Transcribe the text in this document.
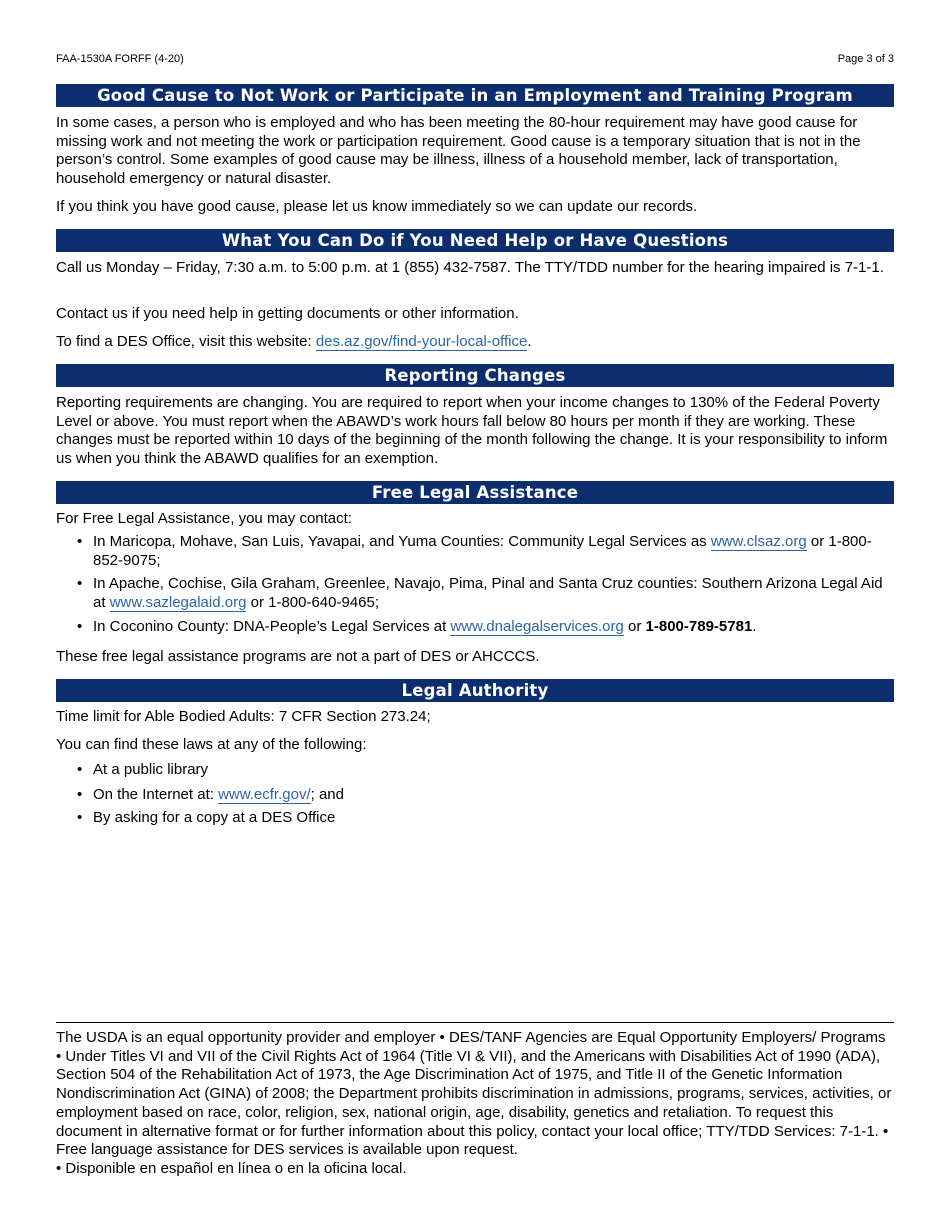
FAA-1530A FORFF (4-20)	Page 3 of 3
Good Cause to Not Work or Participate in an Employment and Training Program

In some cases, a person who is employed and who has been meeting the 80-hour requirement may have good cause for missing work and not meeting the work or participation requirement. Good cause is a temporary situation that is not in the person’s control. Some examples of good cause may be illness, illness of a household member, lack of transportation, household emergency or natural disaster.

If you think you have good cause, please let us know immediately so we can update our records.

What You Can Do if You Need Help or Have Questions

Call us Monday – Friday, 7:30 a.m. to 5:00 p.m. at 1 (855) 432-7587. The TTY/TDD number for the hearing impaired is 7-1-1.

Contact us if you need help in getting documents or other information.

To find a DES Office, visit this website: des.az.gov/find-your-local-office.

Reporting Changes

Reporting requirements are changing. You are required to report when your income changes to 130% of the Federal Poverty Level or above. You must report when the ABAWD’s work hours fall below 80 hours per month if they are working. These changes must be reported within 10 days of the beginning of the month following the change. It is your responsibility to inform us when you think the ABAWD qualifies for an exemption.

Free Legal Assistance

For Free Legal Assistance, you may contact:

• In Maricopa, Mohave, San Luis, Yavapai, and Yuma Counties: Community Legal Services as www.clsaz.org or 1-800-852-9075;
• In Apache, Cochise, Gila Graham, Greenlee, Navajo, Pima, Pinal and Santa Cruz counties: Southern Arizona Legal Aid at www.sazlegalaid.org or 1-800-640-9465;
• In Coconino County: DNA-People’s Legal Services at www.dnalegalservices.org or 1-800-789-5781.

These free legal assistance programs are not a part of DES or AHCCCS.

Legal Authority

Time limit for Able Bodied Adults: 7 CFR Section 273.24;

You can find these laws at any of the following:

• At a public library
• On the Internet at: www.ecfr.gov/; and
• By asking for a copy at a DES Office

The USDA is an equal opportunity provider and employer • DES/TANF Agencies are Equal Opportunity Employers/ Programs • Under Titles VI and VII of the Civil Rights Act of 1964 (Title VI & VII), and the Americans with Disabilities Act of 1990 (ADA), Section 504 of the Rehabilitation Act of 1973, the Age Discrimination Act of 1975, and Title II of the Genetic Information Nondiscrimination Act (GINA) of 2008; the Department prohibits discrimination in admissions, programs, services, activities, or employment based on race, color, religion, sex, national origin, age, disability, genetics and retaliation. To request this document in alternative format or for further information about this policy, contact your local office; TTY/TDD Services: 7-1-1. • Free language assistance for DES services is available upon request.

• Disponible en español en línea o en la oficina local.
